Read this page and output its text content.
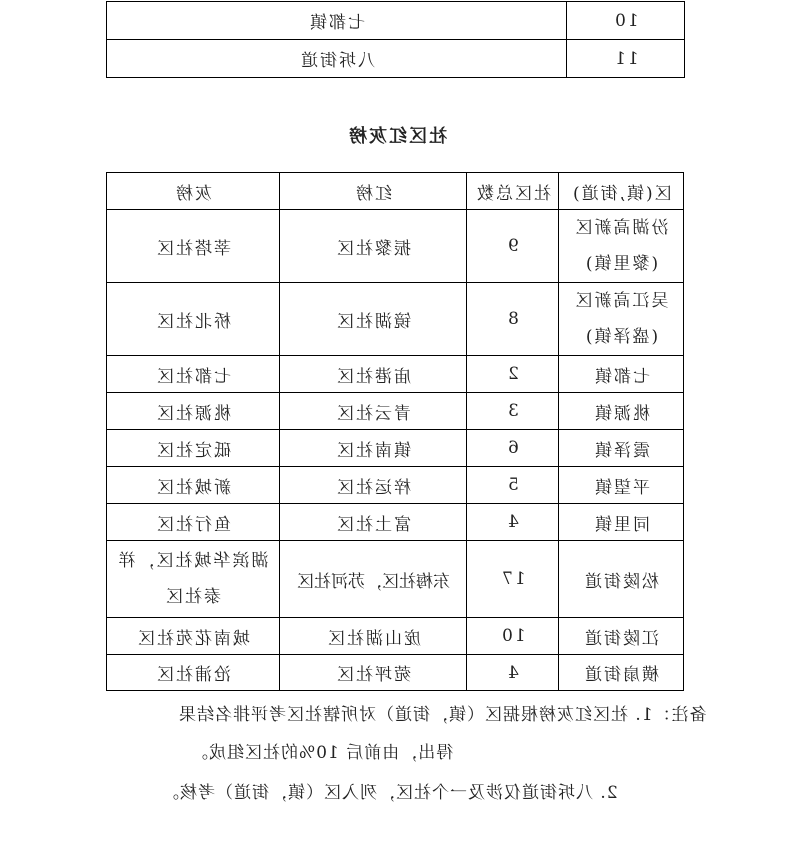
七都镇	10
八坼街道	11
社区红灰榜
灰榜	红榜	社区总数	区(镇,街道)
莘塔社区	振黎社区	9	汾湖高新区(黎里镇)
桥北社区	镜湖社区	8	吴江高新区(盛泽镇)
七都社区	庙港社区	2	七都镇
桃源社区	青云社区	3	桃源镇
砥定社区	镇南社区	6	震泽镇
新城社区	梓运社区	5	平望镇
鱼行社区	富土社区	4	同里镇
湖滨华城社区，祥泰社区	东梅社区，苏河社区	17	松陵街道
城南花苑社区	庞山湖社区	10	江陵街道
沧浦社区	菀坪社区	4	横扇街道
备注：1. 社区红灰榜根据区（镇，街道）对所辖社区考评排名结果
得出，由前后 10%的社区组成。
2. 八坼街道仅涉及一个社区，列入区（镇，街道）考核。
